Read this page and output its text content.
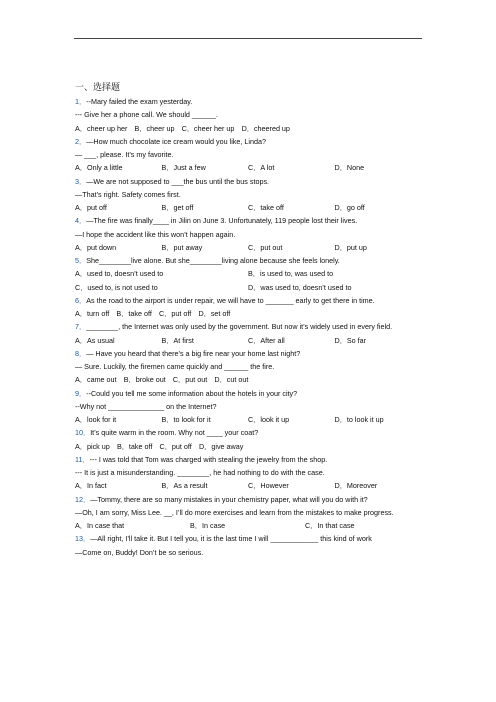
一、选择题
1．--Mary failed the exam yesterday.
--- Give her a phone call. We should ______.
A．cheer up her　B．cheer up　C．cheer her up　D．cheered up
2．—How much chocolate ice cream would you like, Linda?
— ___, please. It’s my favorite.
A．Only a little	B．Just a few	C．A lot	D．None
3．—We are not supposed to ___the bus until the bus stops.
—That’s right. Safety comes first.
A．put off	B．get off	C．take off	D．go off
4．—The fire was finally____ in Jilin on June 3. Unfortunately, 119 people lost their lives.
—I hope the accident like this won’t happen again.
A．put down	B．put away	C．put out	D．put up
5．She________live alone. But she________living alone because she feels lonely.
A．used to, doesn’t used to	B．is used to, was used to
C．used to, is not used to	D．was used to, doesn’t used to
6．As the road to the airport is under repair, we will have to _______ early to get there in time.
A．turn off　B．take off　C．put off　D．set off
7．________, the Internet was only used by the government. But now it’s widely used in every field.
A．As usual	B．At first	C．After all	D．So far
8．— Have you heard that there’s a big fire near your home last night?
— Sure. Luckily, the firemen came quickly and ______ the fire.
A．came out　B．broke out　C．put out　D．cut out
9．--Could you tell me some information about the hotels in your city?
--Why not ______________ on the Internet?
A．look for it	B．to look for it	C．look it up	D．to look it up
10．It’s quite warm in the room. Why not ____ your coat?
A．pick up　B．take off　C．put off　D．give away
11．--- I was told that Tom was charged with stealing the jewelry from the shop.
--- It is just a misunderstanding. ________, he had nothing to do with the case.
A．In fact	B．As a result	C．However	D．Moreover
12．—Tommy, there are so many mistakes in your chemistry paper, what will you do with it?
—Oh, I am sorry, Miss Lee. __, I’ll do more exercises and learn from the mistakes to make progress.
A．In case that	B．In case	C．In that case
13．—All right, I’ll take it. But I tell you, it is the last time I will ____________ this kind of work
—Come on, Buddy! Don’t be so serious.
